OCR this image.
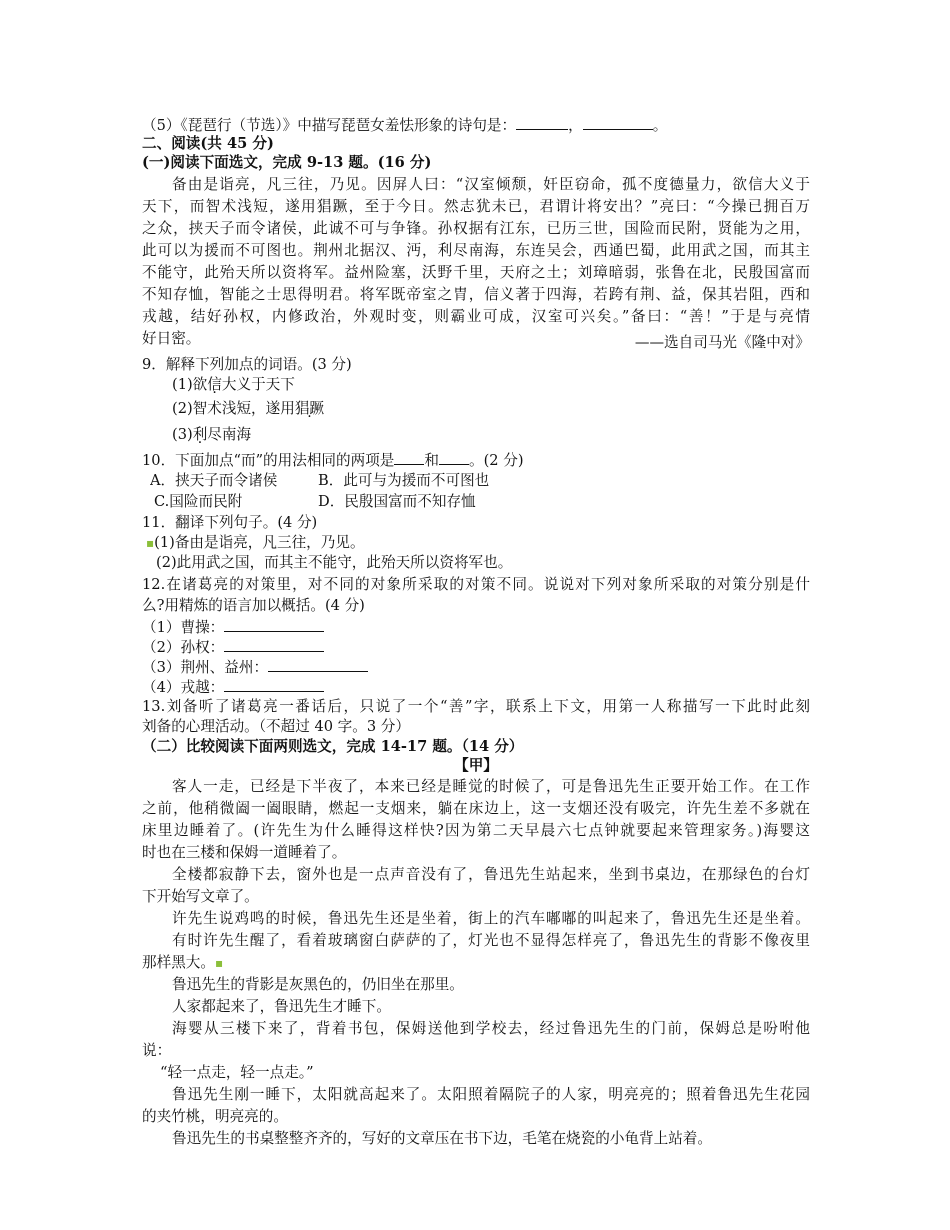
（5）《琵琶行（节选）》中描写琵琶女羞怯形象的诗句是：	，	。
二、阅读(共 45 分)
(一)阅读下面选文，完成 9-13 题。(16 分)
备由是诣亮，凡三往，乃见。因屏人曰：“汉室倾颓，奸臣窃命，孤不度德量力，欲信大义于
天下，而智术浅短，遂用猖蹶，至于今日。然志犹未已，君谓计将安出？”亮曰：“今操已拥百万
之众，挟天子而令诸侯，此诚不可与争锋。孙权据有江东，已历三世，国险而民附，贤能为之用，
此可以为援而不可图也。荆州北据汉、沔，利尽南海，东连吴会，西通巴蜀，此用武之国，而其主
不能守，此殆天所以资将军。益州险塞，沃野千里，天府之土；刘璋暗弱，张鲁在北，民殷国富而
不知存恤，智能之士思得明君。将军既帝室之胄，信义著于四海，若跨有荆、益，保其岩阻，西和
戎越，结好孙权，内修政治，外观时变，则霸业可成，汉室可兴矣。”备曰：“善！”于是与亮情
好日密。	——选自司马光《隆中对》
9．解释下列加点的词语。(3 分)
(1)欲信大义于天下
(2)智术浅短，遂用猖蹶
(3)利尽南海
10．下面加点“而”的用法相同的两项是 和 。(2 分)
A．挟天子而令诸侯	B．此可与为援而不可图也
C.国险而民附	D．民殷国富而不知存恤
11．翻译下列句子。(4 分)
▪(1)备由是诣亮，凡三往，乃见。
(2)此用武之国，而其主不能守，此殆天所以资将军也。
12.在诸葛亮的对策里，对不同的对象所采取的对策不同。说说对下列对象所采取的对策分别是什
么?用精炼的语言加以概括。(4 分)
（1）曹操：
（2）孙权：
（3）荆州、益州：
（4）戎越：
13.刘备听了诸葛亮一番话后，只说了一个“善”字，联系上下文，用第一人称描写一下此时此刻
刘备的心理活动。（不超过 40 字。3 分）
（二）比较阅读下面两则选文，完成 14-17 题。（14 分）
【甲】
客人一走，已经是下半夜了，本来已经是睡觉的时候了，可是鲁迅先生正要开始工作。在工作
之前，他稍微阖一阖眼睛，燃起一支烟来，躺在床边上，这一支烟还没有吸完，许先生差不多就在
床里边睡着了。(许先生为什么睡得这样快?因为第二天早晨六七点钟就要起来管理家务。)海婴这
时也在三楼和保姆一道睡着了。
全楼都寂静下去，窗外也是一点声音没有了，鲁迅先生站起来，坐到书桌边，在那绿色的台灯
下开始写文章了。
许先生说鸡鸣的时候，鲁迅先生还是坐着，街上的汽车嘟嘟的叫起来了，鲁迅先生还是坐着。
有时许先生醒了，看着玻璃窗白萨萨的了，灯光也不显得怎样亮了，鲁迅先生的背影不像夜里
那样黑大。▪
鲁迅先生的背影是灰黑色的，仍旧坐在那里。
人家都起来了，鲁迅先生才睡下。
海婴从三楼下来了，背着书包，保姆送他到学校去，经过鲁迅先生的门前，保姆总是吩咐他
说：
“轻一点走，轻一点走。”
鲁迅先生刚一睡下，太阳就高起来了。太阳照着隔院子的人家，明亮亮的；照着鲁迅先生花园
的夹竹桃，明亮亮的。
鲁迅先生的书桌整整齐齐的，写好的文章压在书下边，毛笔在烧瓷的小龟背上站着。
